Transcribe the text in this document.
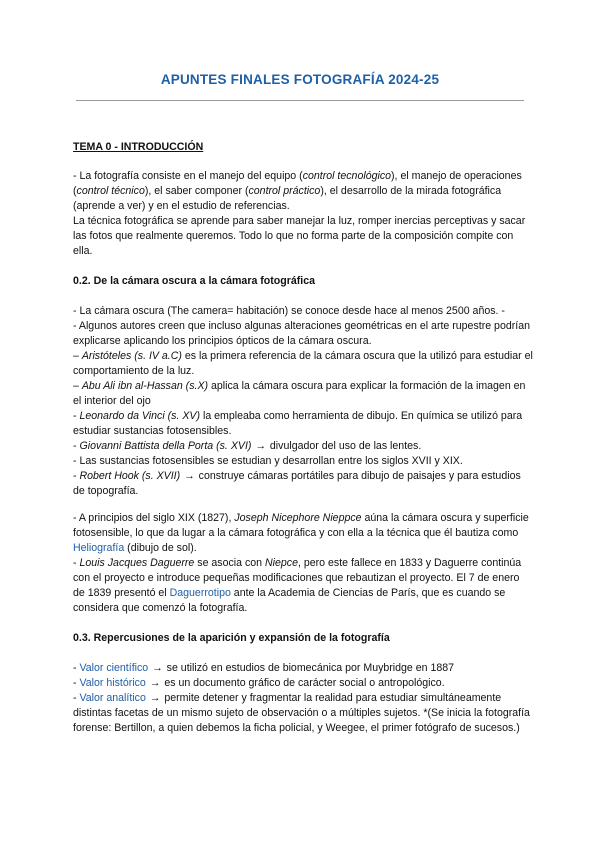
APUNTES FINALES FOTOGRAFÍA 2024-25

TEMA 0 - INTRODUCCIÓN

- La fotografía consiste en el manejo del equipo (control tecnológico), el manejo de operaciones (control técnico), el saber componer (control práctico), el desarrollo de la mirada fotográfica (aprende a ver) y en el estudio de referencias.

La técnica fotográfica se aprende para saber manejar la luz, romper inercias perceptivas y sacar las fotos que realmente queremos. Todo lo que no forma parte de la composición compite con ella.

0.2. De la cámara oscura a la cámara fotográfica

- La cámara oscura (The camera= habitación) se conoce desde hace al menos 2500 años. -

- Algunos autores creen que incluso algunas alteraciones geométricas en el arte rupestre podrían explicarse aplicando los principios ópticos de la cámara oscura.

– Aristóteles (s. IV a.C) es la primera referencia de la cámara oscura que la utilizó para estudiar el comportamiento de la luz.

– Abu Ali ibn al-Hassan (s.X) aplica la cámara oscura para explicar la formación de la imagen en el interior del ojo

- Leonardo da Vinci (s. XV) la empleaba como herramienta de dibujo. En química se utilizó para estudiar sustancias fotosensibles.

- Giovanni Battista della Porta (s. XVI) → divulgador del uso de las lentes.

- Las sustancias fotosensibles se estudian y desarrollan entre los siglos XVII y XIX.

- Robert Hook (s. XVII) → construye cámaras portátiles para dibujo de paisajes y para estudios de topografía.

- A principios del siglo XIX (1827), Joseph Nicephore Nieppce aúna la cámara oscura y superficie fotosensible, lo que da lugar a la cámara fotográfica y con ella a la técnica que él bautiza como Heliografía (dibujo de sol).

- Louis Jacques Daguerre se asocia con Niepce, pero este fallece en 1833 y Daguerre continúa con el proyecto e introduce pequeñas modificaciones que rebautizan el proyecto. El 7 de enero de 1839 presentó el Daguerrotipo ante la Academia de Ciencias de París, que es cuando se considera que comenzó la fotografía.

0.3. Repercusiones de la aparición y expansión de la fotografía

- Valor científico → se utilizó en estudios de biomecánica por Muybridge en 1887

- Valor histórico → es un documento gráfico de carácter social o antropológico.

- Valor analítico → permite detener y fragmentar la realidad para estudiar simultáneamente distintas facetas de un mismo sujeto de observación o a múltiples sujetos. *(Se inicia la fotografía forense: Bertillon, a quien debemos la ficha policial, y Weegee, el primer fotógrafo de sucesos.)
